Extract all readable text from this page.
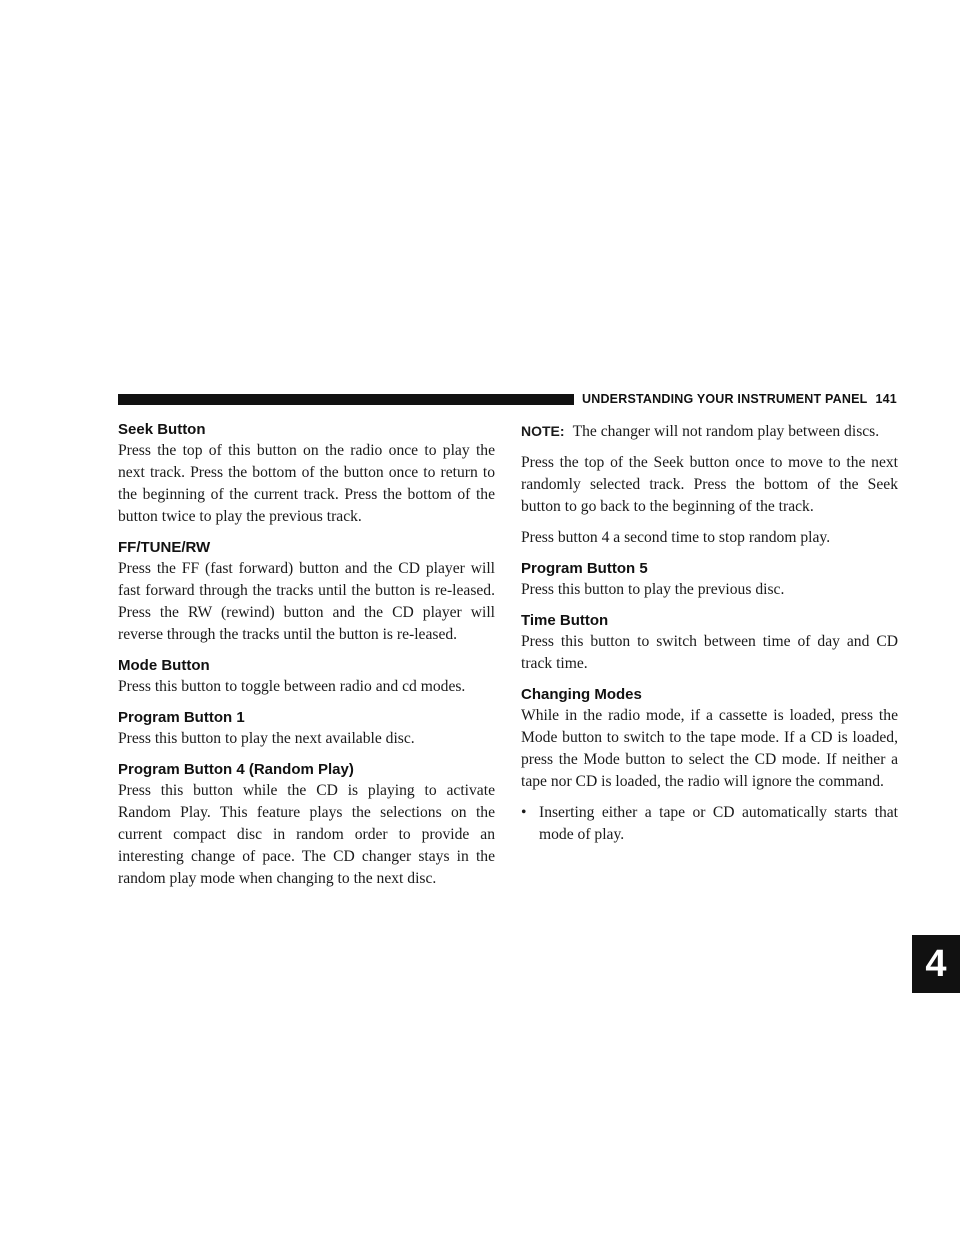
UNDERSTANDING YOUR INSTRUMENT PANEL 141
4
Seek Button

Press the top of this button on the radio once to play the next track. Press the bottom of the button once to return to the beginning of the current track. Press the bottom of the button twice to play the previous track.

FF/TUNE/RW

Press the FF (fast forward) button and the CD player will fast forward through the tracks until the button is re-leased. Press the RW (rewind) button and the CD player will reverse through the tracks until the button is re-leased.

Mode Button

Press this button to toggle between radio and cd modes.

Program Button 1

Press this button to play the next available disc.

Program Button 4 (Random Play)

Press this button while the CD is playing to activate Random Play. This feature plays the selections on the current compact disc in random order to provide an interesting change of pace. The CD changer stays in the random play mode when changing to the next disc.

NOTE: The changer will not random play between discs.

Press the top of the Seek button once to move to the next randomly selected track. Press the bottom of the Seek button to go back to the beginning of the track.

Press button 4 a second time to stop random play.

Program Button 5

Press this button to play the previous disc.

Time Button

Press this button to switch between time of day and CD track time.

Changing Modes

While in the radio mode, if a cassette is loaded, press the Mode button to switch to the tape mode. If a CD is loaded, press the Mode button to select the CD mode. If neither a tape nor CD is loaded, the radio will ignore the command.

• Inserting either a tape or CD automatically starts that mode of play.
